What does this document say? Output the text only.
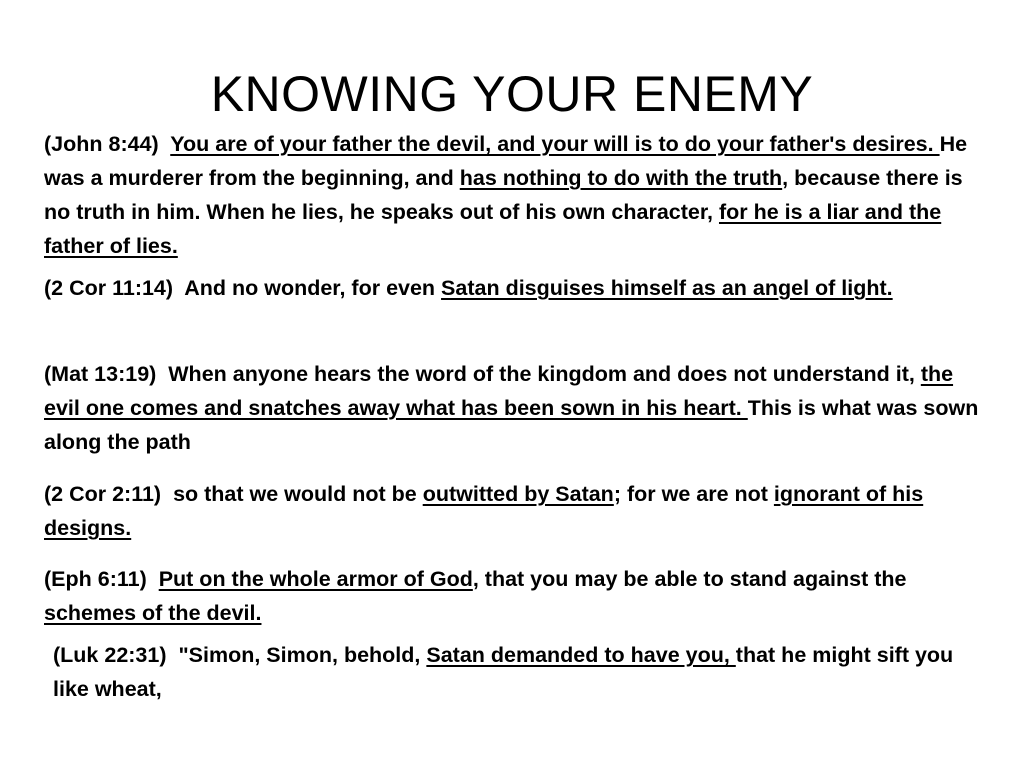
KNOWING YOUR ENEMY
(John 8:44) You are of your father the devil, and your will is to do your father's desires. He was a murderer from the beginning, and has nothing to do with the truth, because there is no truth in him. When he lies, he speaks out of his own character, for he is a liar and the father of lies.
(2 Cor 11:14) And no wonder, for even Satan disguises himself as an angel of light.
(Mat 13:19) When anyone hears the word of the kingdom and does not understand it, the evil one comes and snatches away what has been sown in his heart. This is what was sown along the path
(2 Cor 2:11) so that we would not be outwitted by Satan; for we are not ignorant of his designs.
(Eph 6:11) Put on the whole armor of God, that you may be able to stand against the schemes of the devil.
(Luk 22:31) "Simon, Simon, behold, Satan demanded to have you, that he might sift you like wheat,
